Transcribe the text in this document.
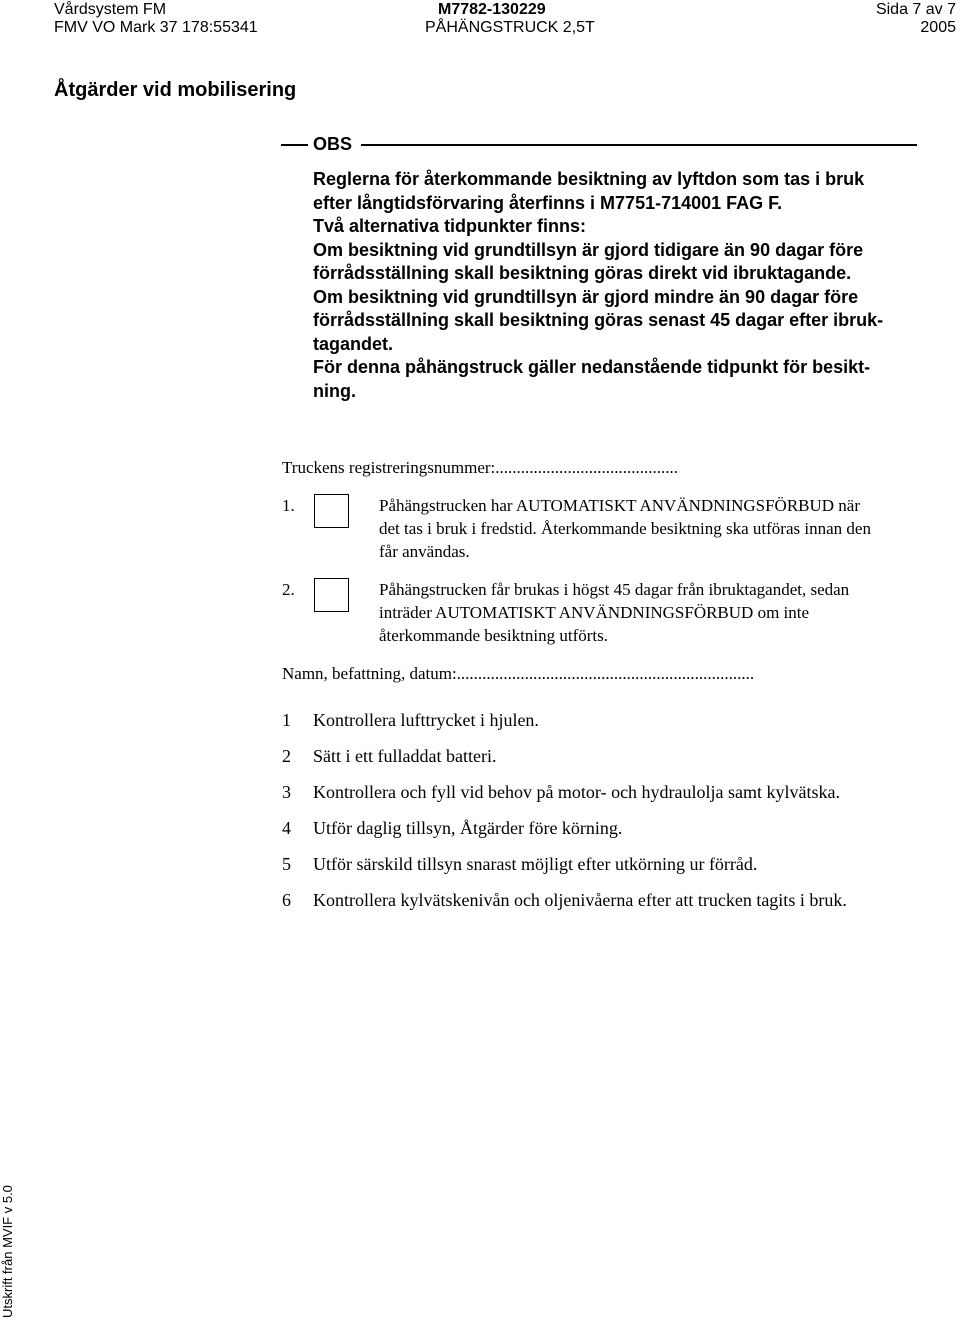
Vårdsystem FM
FMV VO Mark 37 178:55341
M7782-130229
PÅHÄNGSTRUCK 2,5T
Sida 7 av 7
2005
Åtgärder vid mobilisering
OBS
Reglerna för återkommande besiktning av lyftdon som tas i bruk
efter långtidsförvaring återfinns i M7751-714001 FAG F.
Två alternativa tidpunkter finns:
Om besiktning vid grundtillsyn är gjord tidigare än 90 dagar före
förrådsställning skall besiktning göras direkt vid ibruktagande.
Om besiktning vid grundtillsyn är gjord mindre än 90 dagar före
förrådsställning skall besiktning göras senast 45 dagar efter ibruk-
tagandet.
För denna påhängstruck gäller nedanstående tidpunkt för besikt-
ning.
Truckens registreringsnummer:...........................................
1.	Påhängstrucken har AUTOMATISKT ANVÄNDNINGSFÖRBUD när
det tas i bruk i fredstid. Återkommande besiktning ska utföras innan den
får användas.
2.	Påhängstrucken får brukas i högst 45 dagar från ibruktagandet, sedan
inträder AUTOMATISKT ANVÄNDNINGSFÖRBUD om inte
återkommande besiktning utförts.
Namn, befattning, datum:......................................................................
1 Kontrollera lufttrycket i hjulen.
2 Sätt i ett fulladdat batteri.
3 Kontrollera och fyll vid behov på motor- och hydraulolja samt kylvätska.
4 Utför daglig tillsyn, Åtgärder före körning.
5 Utför särskild tillsyn snarast möjligt efter utkörning ur förråd.
6 Kontrollera kylvätskenivån och oljenivåerna efter att trucken tagits i bruk.
Utskrift från MVIF v 5.0
